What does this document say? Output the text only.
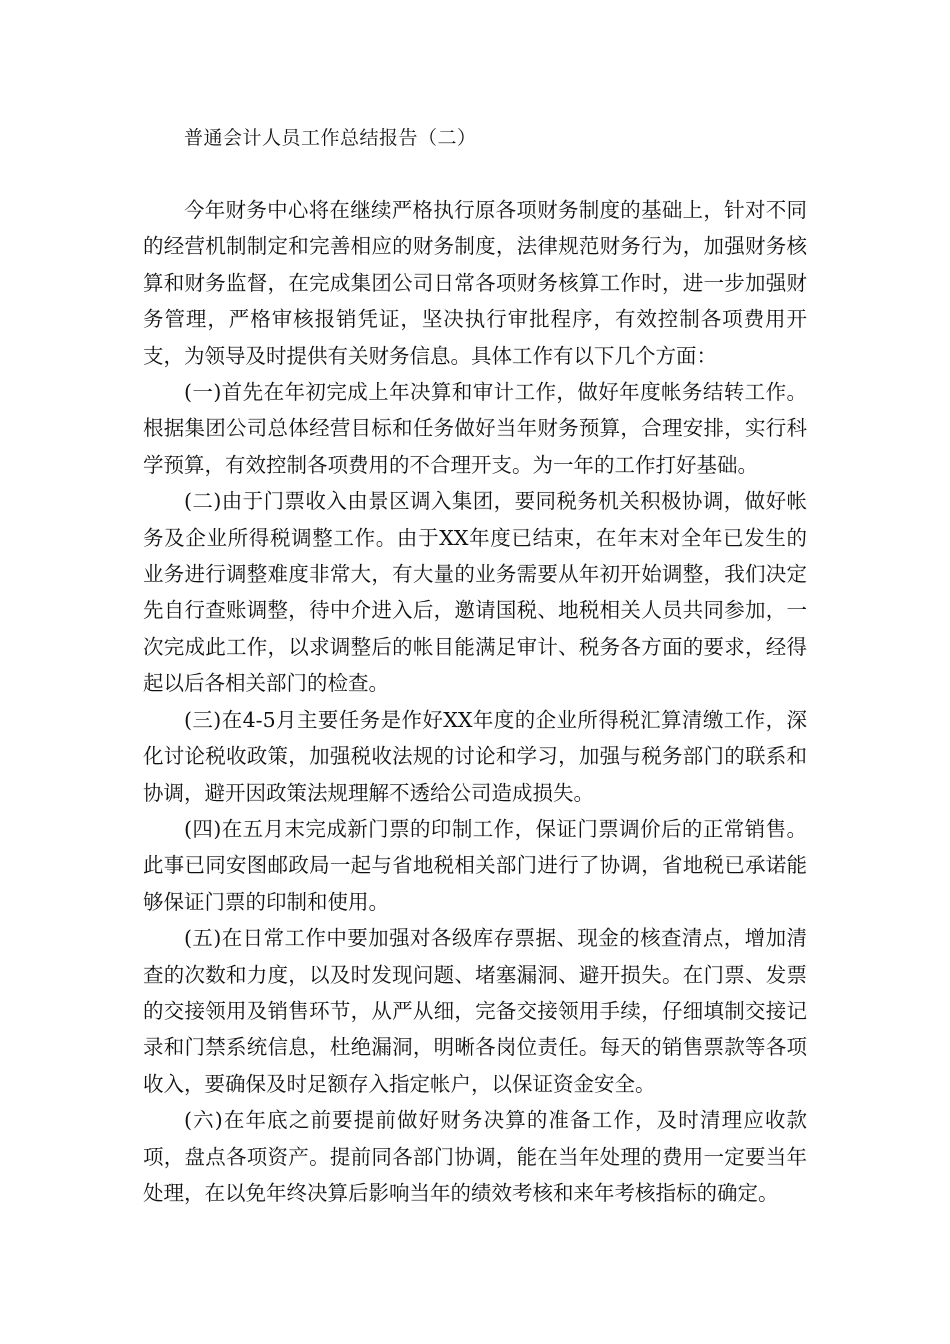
普通会计人员工作总结报告（二）

今年财务中心将在继续严格执行原各项财务制度的基础上，针对不同的经营机制制定和完善相应的财务制度，法律规范财务行为，加强财务核算和财务监督，在完成集团公司日常各项财务核算工作时，进一步加强财务管理，严格审核报销凭证，坚决执行审批程序，有效控制各项费用开支，为领导及时提供有关财务信息。具体工作有以下几个方面：

(一)首先在年初完成上年决算和审计工作，做好年度帐务结转工作。根据集团公司总体经营目标和任务做好当年财务预算，合理安排，实行科学预算，有效控制各项费用的不合理开支。为一年的工作打好基础。

(二)由于门票收入由景区调入集团，要同税务机关积极协调，做好帐务及企业所得税调整工作。由于XX年度已结束，在年末对全年已发生的业务进行调整难度非常大，有大量的业务需要从年初开始调整，我们决定先自行查账调整，待中介进入后，邀请国税、地税相关人员共同参加，一次完成此工作，以求调整后的帐目能满足审计、税务各方面的要求，经得起以后各相关部门的检查。

(三)在4-5月主要任务是作好XX年度的企业所得税汇算清缴工作，深化讨论税收政策，加强税收法规的讨论和学习，加强与税务部门的联系和协调，避开因政策法规理解不透给公司造成损失。

(四)在五月末完成新门票的印制工作，保证门票调价后的正常销售。此事已同安图邮政局一起与省地税相关部门进行了协调，省地税已承诺能够保证门票的印制和使用。

(五)在日常工作中要加强对各级库存票据、现金的核查清点，增加清查的次数和力度，以及时发现问题、堵塞漏洞、避开损失。在门票、发票的交接领用及销售环节，从严从细，完备交接领用手续，仔细填制交接记录和门禁系统信息，杜绝漏洞，明晰各岗位责任。每天的销售票款等各项收入，要确保及时足额存入指定帐户，以保证资金安全。

(六)在年底之前要提前做好财务决算的准备工作，及时清理应收款项，盘点各项资产。提前同各部门协调，能在当年处理的费用一定要当年处理，在以免年终决算后影响当年的绩效考核和来年考核指标的确定。
